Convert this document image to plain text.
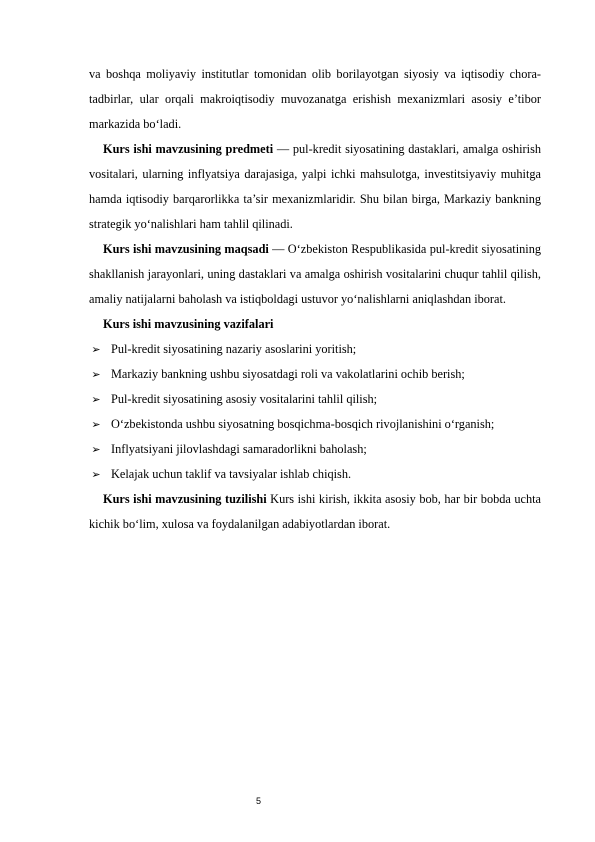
va boshqa moliyaviy institutlar tomonidan olib borilayotgan siyosiy va iqtisodiy chora-tadbirlar, ular orqali makroiqtisodiy muvozanatga erishish mexanizmlari asosiy e’tibor markazida bo‘ladi.

Kurs ishi mavzusining predmeti — pul-kredit siyosatining dastaklari, amalga oshirish vositalari, ularning inflyatsiya darajasiga, yalpi ichki mahsulotga, investitsiyaviy muhitga hamda iqtisodiy barqarorlikka ta’sir mexanizmlaridir. Shu bilan birga, Markaziy bankning strategik yo‘nalishlari ham tahlil qilinadi.

Kurs ishi mavzusining maqsadi — O‘zbekiston Respublikasida pul-kredit siyosatining shakllanish jarayonlari, uning dastaklari va amalga oshirish vositalarini chuqur tahlil qilish, amaliy natijalarni baholash va istiqboldagi ustuvor yo‘nalishlarni aniqlashdan iborat.

Kurs ishi mavzusining vazifalari

➢ Pul-kredit siyosatining nazariy asoslarini yoritish;
➢ Markaziy bankning ushbu siyosatdagi roli va vakolatlarini ochib berish;
➢ Pul-kredit siyosatining asosiy vositalarini tahlil qilish;
➢ O‘zbekistonda ushbu siyosatning bosqichma-bosqich rivojlanishini o‘rganish;
➢ Inflyatsiyani jilovlashdagi samaradorlikni baholash;
➢ Kelajak uchun taklif va tavsiyalar ishlab chiqish.

Kurs ishi mavzusining tuzilishi Kurs ishi kirish, ikkita asosiy bob, har bir bobda uchta kichik bo‘lim, xulosa va foydalanilgan adabiyotlardan iborat.

5
